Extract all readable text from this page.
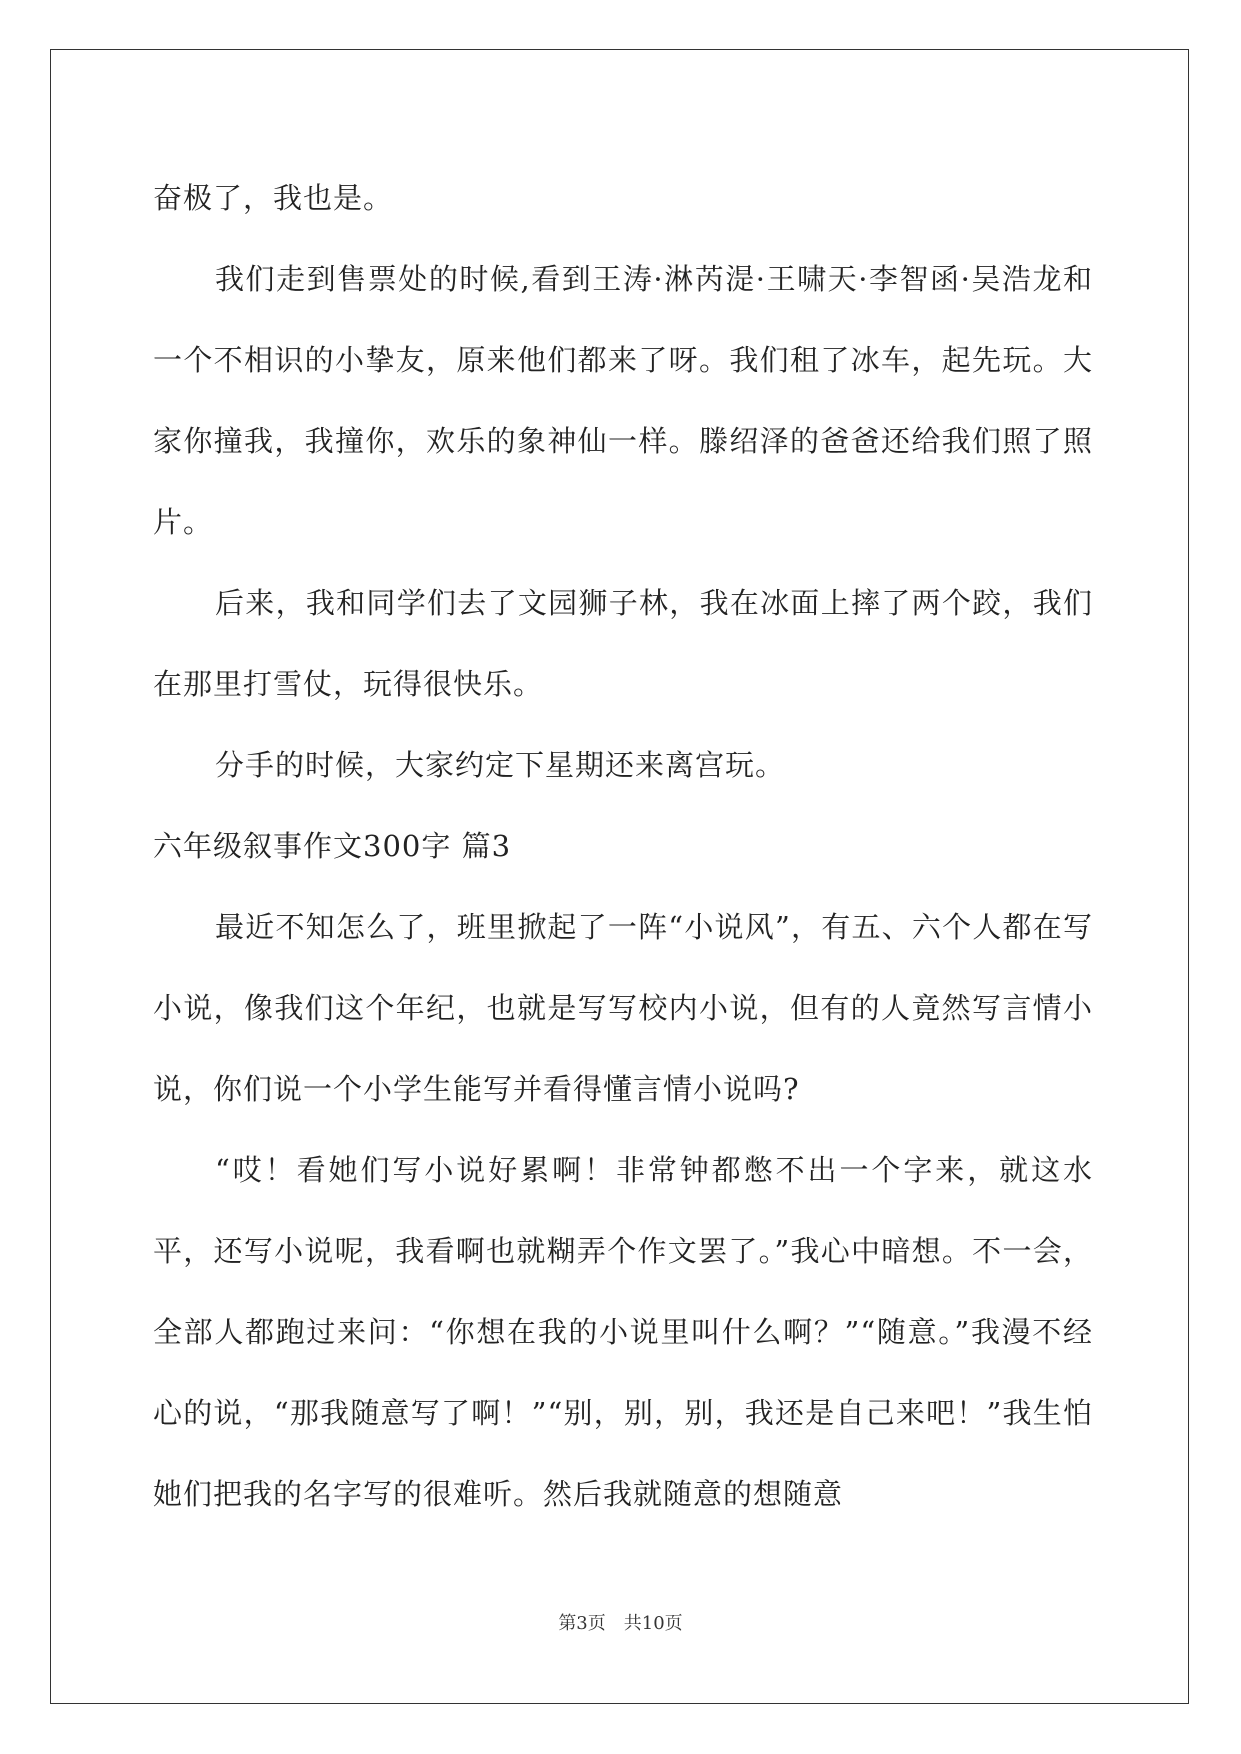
奋极了，我也是。

我们走到售票处的时候,看到王涛·淋芮湜·王啸天·李智函·吴浩龙和一个不相识的小挚友，原来他们都来了呀。我们租了冰车，起先玩。大家你撞我，我撞你，欢乐的象神仙一样。滕绍泽的爸爸还给我们照了照片。

后来，我和同学们去了文园狮子林，我在冰面上摔了两个跤，我们在那里打雪仗，玩得很快乐。

分手的时候，大家约定下星期还来离宫玩。

六年级叙事作文300字 篇3

最近不知怎么了，班里掀起了一阵“小说风”，有五、六个人都在写小说，像我们这个年纪，也就是写写校内小说，但有的人竟然写言情小说，你们说一个小学生能写并看得懂言情小说吗?

“哎！看她们写小说好累啊！非常钟都憋不出一个字来，就这水平，还写小说呢，我看啊也就糊弄个作文罢了。”我心中暗想。不一会，全部人都跑过来问：“你想在我的小说里叫什么啊？”“随意。”我漫不经心的说，“那我随意写了啊！”“别，别，别，我还是自己来吧！”我生怕她们把我的名字写的很难听。然后我就随意的想随意

第3页 共10页
